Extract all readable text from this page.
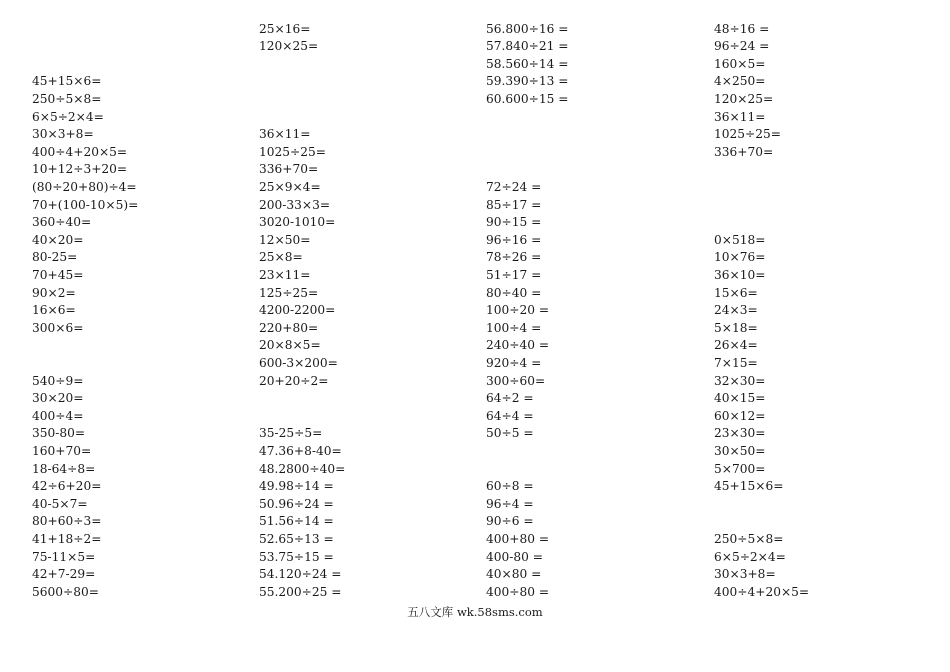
45+15×6=
250÷5×8=
6×5÷2×4=
30×3+8=
400÷4+20×5=
10+12÷3+20=
(80÷20+80)÷4=
70+(100-10×5)=
360÷40=
40×20=
80-25=
70+45=
90×2=
16×6=
300×6=
540÷9=
30×20=
400÷4=
350-80=
160+70=
18-64÷8=
42÷6+20=
40-5×7=
80+60÷3=
41+18÷2=
75-11×5=
42+7-29=
5600÷80=
25×16=
120×25=
36×11=
1025÷25=
336+70=
25×9×4=
200-33×3=
3020-1010=
12×50=
25×8=
23×11=
125÷25=
4200-2200=
220+80=
20×8×5=
600-3×200=
20+20÷2=
35-25÷5=
47.36+8-40=
48.2800÷40=
49.98÷14 =
50.96÷24 =
51.56÷14 =
52.65÷13 =
53.75÷15 =
54.120÷24 =
55.200÷25 =
56.800÷16 =
57.840÷21 =
58.560÷14 =
59.390÷13 =
60.600÷15 =
72÷24 =
85÷17 =
90÷15 =
96÷16 =
78÷26 =
51÷17 =
80÷40 =
100÷20 =
100÷4 =
240÷40 =
920÷4 =
300÷60=
64÷2 =
64÷4 =
50÷5 =
60÷8 =
96÷4 =
90÷6 =
400+80 =
400-80 =
40×80 =
400÷80 =
48÷16 =
96÷24 =
160×5=
4×250=
120×25=
36×11=
1025÷25=
336+70=
0×518=
10×76=
36×10=
15×6=
24×3=
5×18=
26×4=
7×15=
32×30=
40×15=
60×12=
23×30=
30×50=
5×700=
45+15×6=
250÷5×8=
6×5÷2×4=
30×3+8=
400÷4+20×5=
五八文库 wk.58sms.com
